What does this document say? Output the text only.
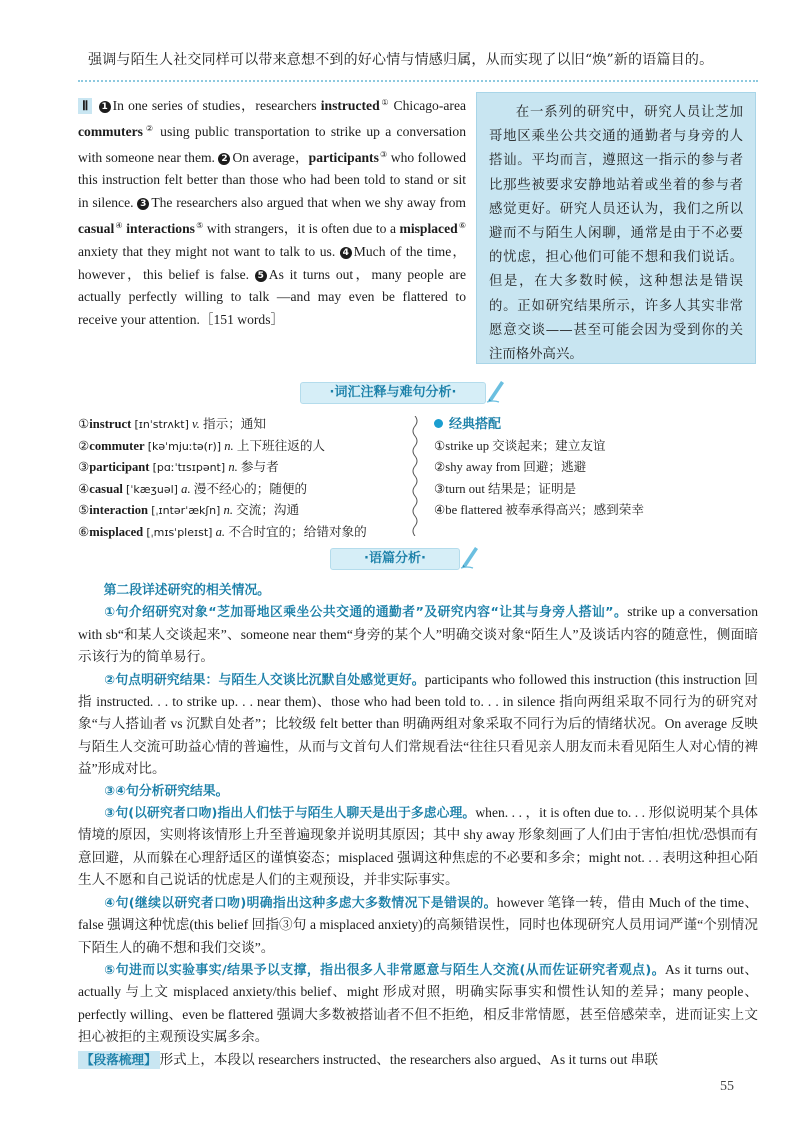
强调与陌生人社交同样可以带来意想不到的好心情与情感归属，从而实现了以旧“焕”新的语篇目的。
Ⅱ 1 In one series of studies，researchers instructed① Chicago-area commuters② using public transportation to strike up a conversation with someone near them. 2 On average，participants③ who followed this instruction felt better than those who had been told to stand or sit in silence. 3 The researchers also argued that when we shy away from casual④ interactions⑤ with strangers，it is often due to a misplaced⑥ anxiety that they might not want to talk to us. 4 Much of the time，however，this belief is false. 5 As it turns out，many people are actually perfectly willing to talk —and may even be flattered to receive your attention.［151 words］
在一系列的研究中，研究人员让芝加哥地区乘坐公共交通的通勤者与身旁的人搭讪。平均而言，遵照这一指示的参与者比那些被要求安静地站着或坐着的参与者感觉更好。研究人员还认为，我们之所以避而不与陌生人闲聊，通常是由于不必要的忧虑，担心他们可能不想和我们说话。但是，在大多数时候，这种想法是错误的。正如研究结果所示，许多人其实非常愿意交谈——甚至可能会因为受到你的关注而格外高兴。
·词汇注释与难句分析·
①instruct [ɪnˈstrʌkt] v. 指示；通知
②commuter [kəˈmjuːtə(r)] n. 上下班往返的人
③participant [pɑːˈtɪsɪpənt] n. 参与者
④casual [ˈkæʒuəl] a. 漫不经心的；随便的
⑤interaction [ˌɪntərˈækʃn] n. 交流；沟通
⑥misplaced [ˌmɪsˈpleɪst] a. 不合时宜的；给错对象的
经典搭配
①strike up 交谈起来；建立友谊
②shy away from 回避；逃避
③turn out 结果是；证明是
④be flattered 被奉承得高兴；感到荣幸
·语篇分析·

第二段详述研究的相关情况。

①句介绍研究对象“芝加哥地区乘坐公共交通的通勤者”及研究内容“让其与身旁人搭讪”。strike up a conversation with sb“和某人交谈起来”、someone near them“身旁的某个人”明确交谈对象“陌生人”及谈话内容的随意性，侧面暗示该行为的简单易行。

②句点明研究结果：与陌生人交谈比沉默自处感觉更好。participants who followed this instruction (this instruction 回指 instructed. . . to strike up. . . near them)、those who had been told to. . . in silence 指向两组采取不同行为的研究对象“与人搭讪者 vs 沉默自处者”；比较级 felt better than 明确两组对象采取不同行为后的情绪状况。On average 反映与陌生人交流可助益心情的普遍性，从而与文首句人们常规看法“往往只看见亲人朋友而未看见陌生人对心情的裨益”形成对比。

③④句分析研究结果。

③句(以研究者口吻)指出人们怯于与陌生人聊天是出于多虑心理。when. . . ，it is often due to. . . 形似说明某个具体情境的原因，实则将该情形上升至普遍现象并说明其原因；其中 shy away 形象刻画了人们由于害怕/担忧/恐惧而有意回避，从而躲在心理舒适区的谨慎姿态；misplaced 强调这种焦虑的不必要和多余；might not. . . 表明这种担心陌生人不愿和自己说话的忧虑是人们的主观预设，并非实际事实。

④句(继续以研究者口吻)明确指出这种多虑大多数情况下是错误的。however 笔锋一转，借由 Much of the time、false 强调这种忧虑(this belief 回指③句 a misplaced anxiety)的高频错误性，同时也体现研究人员用词严谨“个别情况下陌生人的确不想和我们交谈”。

⑤句进而以实验事实/结果予以支撑，指出很多人非常愿意与陌生人交流(从而佐证研究者观点)。As it turns out、actually 与上文 misplaced anxiety/this belief、might 形成对照，明确实际事实和惯性认知的差异；many people、perfectly willing、even be flattered 强调大多数被搭讪者不但不拒绝，相反非常情愿，甚至倍感荣幸，进而证实上文担心被拒的主观预设实属多余。

【段落梳理】 形式上，本段以 researchers instructed、the researchers also argued、As it turns out 串联

55
